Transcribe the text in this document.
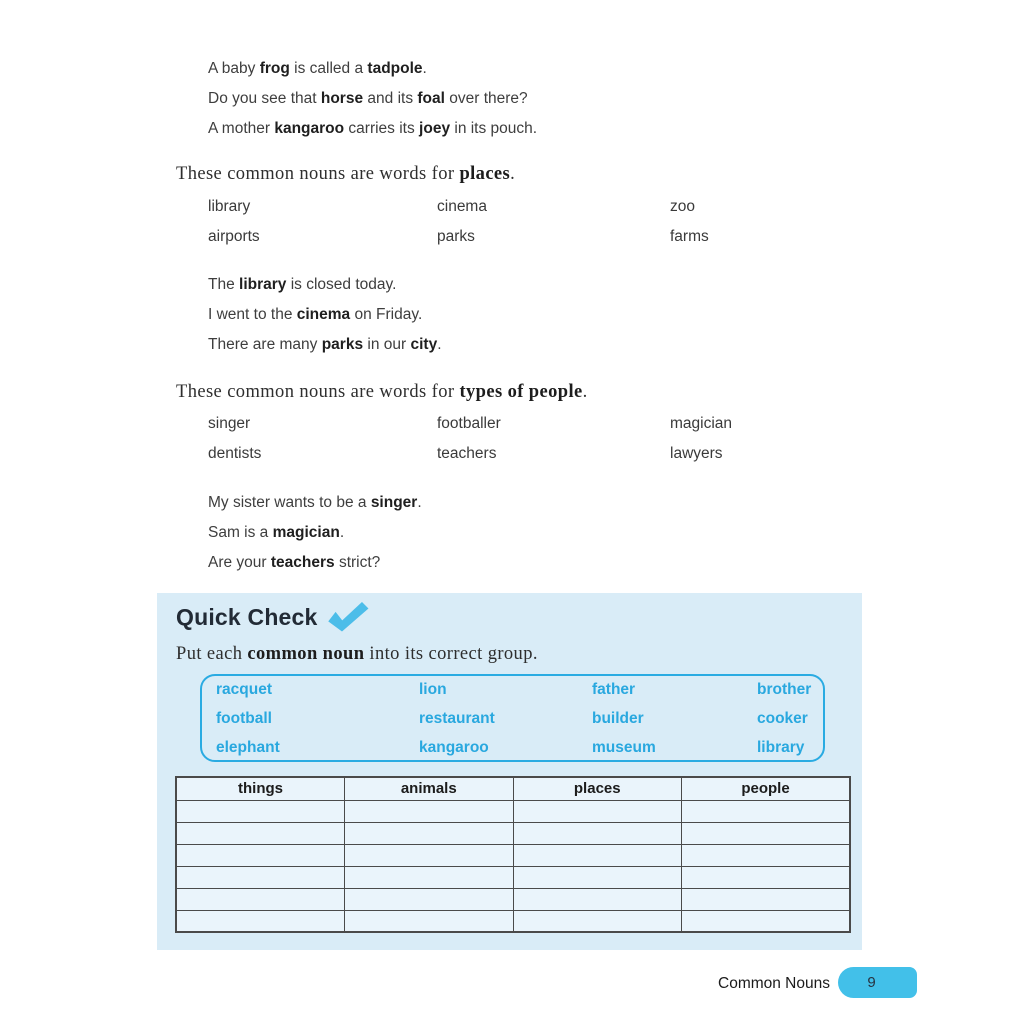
A baby frog is called a tadpole.
Do you see that horse and its foal over there?
A mother kangaroo carries its joey in its pouch.
These common nouns are words for places.
library	cinema	zoo
airports	parks	farms
The library is closed today.
I went to the cinema on Friday.
There are many parks in our city.
These common nouns are words for types of people.
singer	footballer	magician
dentists	teachers	lawyers
My sister wants to be a singer.
Sam is a magician.
Are your teachers strict?
Quick Check
Put each common noun into its correct group.
racquet	lion	father	brother
football	restaurant	builder	cooker
elephant	kangaroo	museum	library
things	animals	places	people

Common Nouns 9
